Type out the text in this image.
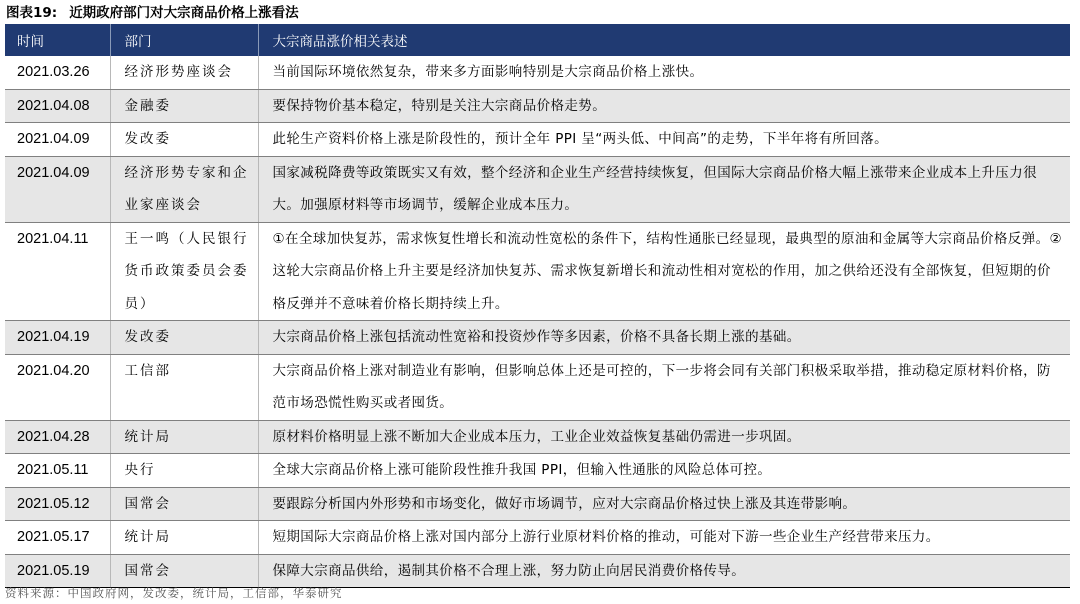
图表19: 近期政府部门对大宗商品价格上涨看法
时间	部门	大宗商品涨价相关表述
2021.03.26	经济形势座谈会	当前国际环境依然复杂，带来多方面影响特别是大宗商品价格上涨快。
2021.04.08	金融委	要保持物价基本稳定，特别是关注大宗商品价格走势。
2021.04.09	发改委	此轮生产资料价格上涨是阶段性的，预计全年 PPI 呈“两头低、中间高”的走势，下半年将有所回落。
2021.04.09	经济形势专家和企业家座谈会	国家减税降费等政策既实又有效，整个经济和企业生产经营持续恢复，但国际大宗商品价格大幅上涨带来企业成本上升压力很大。加强原材料等市场调节，缓解企业成本压力。
2021.04.11	王一鸣（人民银行货币政策委员会委员）	①在全球加快复苏，需求恢复性增长和流动性宽松的条件下，结构性通胀已经显现，最典型的原油和金属等大宗商品价格反弹。②这轮大宗商品价格上升主要是经济加快复苏、需求恢复新增长和流动性相对宽松的作用，加之供给还没有全部恢复，但短期的价格反弹并不意味着价格长期持续上升。
2021.04.19	发改委	大宗商品价格上涨包括流动性宽裕和投资炒作等多因素，价格不具备长期上涨的基础。
2021.04.20	工信部	大宗商品价格上涨对制造业有影响，但影响总体上还是可控的，下一步将会同有关部门积极采取举措，推动稳定原材料价格，防范市场恐慌性购买或者囤货。
2021.04.28	统计局	原材料价格明显上涨不断加大企业成本压力，工业企业效益恢复基础仍需进一步巩固。
2021.05.11	央行	全球大宗商品价格上涨可能阶段性推升我国 PPI，但输入性通胀的风险总体可控。
2021.05.12	国常会	要跟踪分析国内外形势和市场变化，做好市场调节，应对大宗商品价格过快上涨及其连带影响。
2021.05.17	统计局	短期国际大宗商品价格上涨对国内部分上游行业原材料价格的推动，可能对下游一些企业生产经营带来压力。
2021.05.19	国常会	保障大宗商品供给，遏制其价格不合理上涨，努力防止向居民消费价格传导。
资料来源：中国政府网，发改委，统计局，工信部，华泰研究
